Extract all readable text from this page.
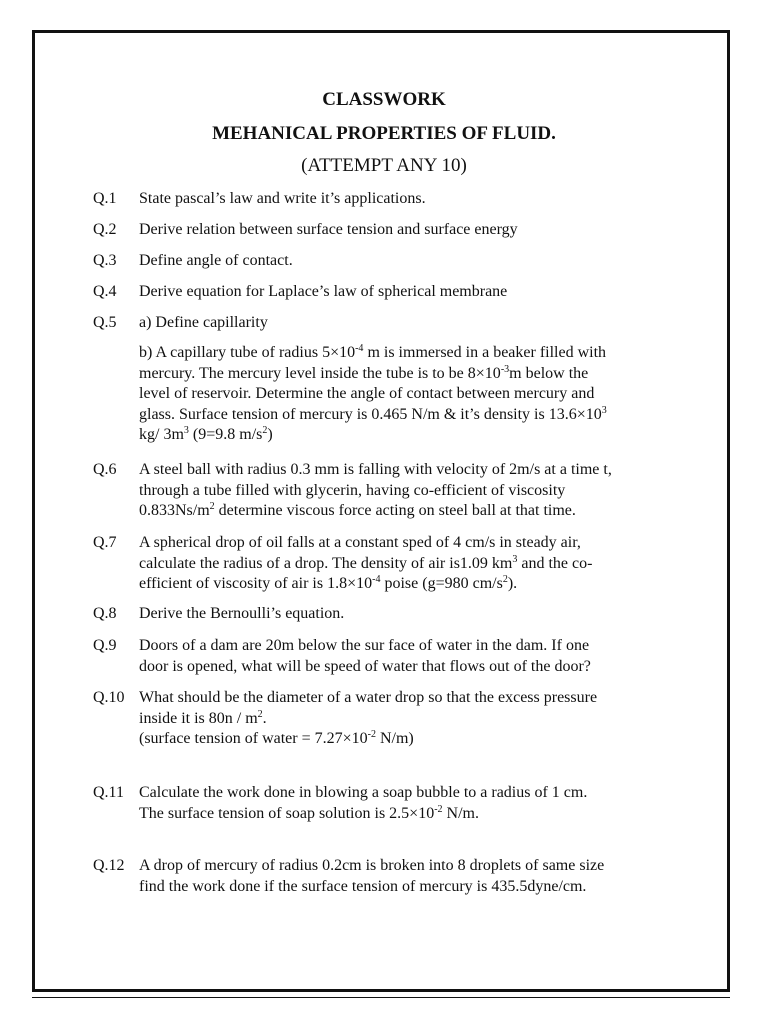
CLASSWORK
MEHANICAL PROPERTIES OF FLUID.
(ATTEMPT ANY 10)
Q.1	State pascal’s law and write it’s applications.
Q.2	Derive relation between surface tension and surface energy
Q.3	Define angle of contact.
Q.4	Derive equation for Laplace’s law of spherical membrane
Q.5	a) Define capillarity
b) A capillary tube of radius $5\times 10^{-4}$ m is immersed in a beaker filled with
mercury. The mercury level inside the tube is to be $8\times 10^{-3}m$ below the
level of reservoir. Determine the angle of contact between mercury and
glass. Surface tension of mercury is 0.465 N/m & it’s density is $13.6\times 10^3$
kg/ $3m^3$ (9=9.8 $m/s^2$)
Q.6	A steel ball with radius 0.3 mm is falling with velocity of 2m/s at a time t,
through a tube filled with glycerin, having co-efficient of viscosity
$0.833Ns/m^2$ determine viscous force acting on steel ball at that time.
Q.7	A spherical drop of oil falls at a constant sped of 4 cm/s in steady air,
calculate the radius of a drop. The density of air is1.09 $km^3$ and the co-
efficient of viscosity of air is $1.8\times 10^{-4}$ poise (g=980 $cm/s^2$).
Q.8	Derive the Bernoulli’s equation.
Q.9	Doors of a dam are 20m below the sur face of water in the dam. If one
door is opened, what will be speed of water that flows out of the door?
Q.10 What should be the diameter of a water drop so that the excess pressure
inside it is $80n / m^2$.
(surface tension of water = $7.27\times 10^{-2}$ N/m)
Q.11 Calculate the work done in blowing a soap bubble to a radius of 1 cm.
The surface tension of soap solution is $2.5\times 10^{-2}$ N/m.
Q.12 A drop of mercury of radius 0.2cm is broken into 8 droplets of same size
find the work done if the surface tension of mercury is 435.5dyne/cm.
